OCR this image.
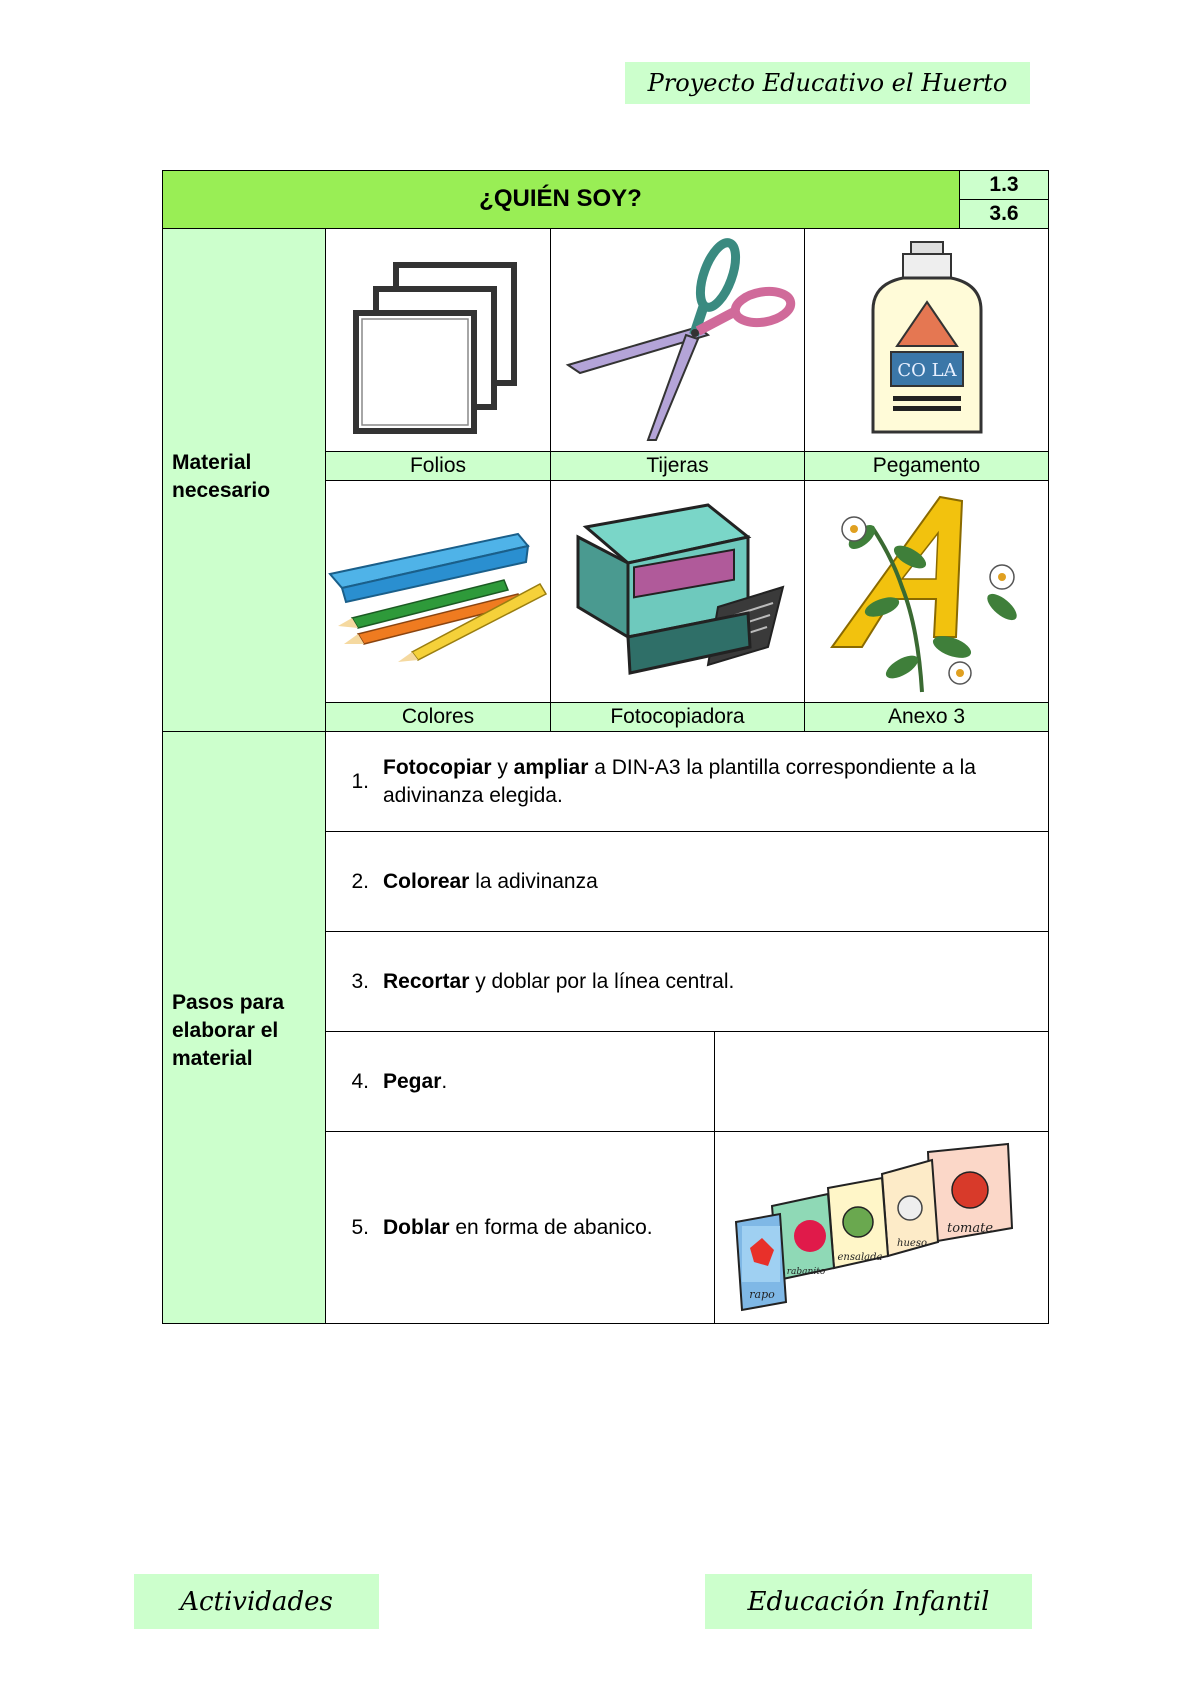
Proyecto Educativo el Huerto
¿QUIÉN SOY?
1.3
3.6
Material necesario
Pasos para elaborar el material
CO LA
Folios	Tijeras	Pegamento
Colores	Fotocopiadora	Anexo 3
1.
Fotocopiar y ampliar a DIN-A3 la plantilla correspondiente a la adivinanza elegida.
2. Colorear la adivinanza
3. Recortar y doblar por la línea central.
4. Pegar.
5. Doblar en forma de abanico.	tomate
hueso
ensalada
rabanito
rapo
Actividades	Educación Infantil
